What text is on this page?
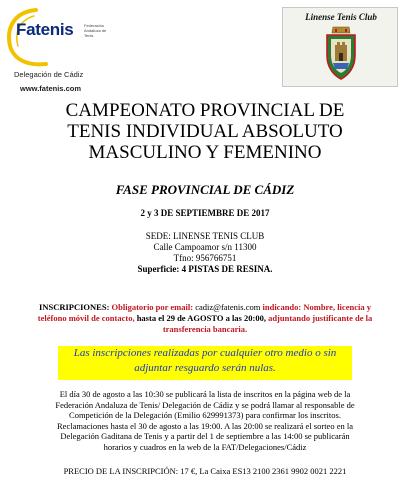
Fatenis	Federación Andaluza de Tenis
Delegación de Cádiz
www.fatenis.com
Linense Tenis Club
CAMPEONATO PROVINCIAL DE
TENIS INDIVIDUAL ABSOLUTO
MASCULINO Y FEMENINO
FASE PROVINCIAL DE CÁDIZ
2 y 3 DE SEPTIEMBRE DE 2017
SEDE: LINENSE TENIS CLUB
Calle Campoamor s/n 11300
Tfno: 956766751
Superficie: 4 PISTAS DE RESINA.
INSCRIPCIONES: Obligatorio por email: cadiz@fatenis.com indicando: Nombre, licencia y teléfono móvil de contacto, hasta el 29 de AGOSTO a las 20:00, adjuntando justificante de la transferencia bancaria.
Las inscripciones realizadas por cualquier otro medio o sin
adjuntar resguardo serán nulas.
El día 30 de agosto a las 10:30 se publicará la lista de inscritos en la página web de la
Federación Andaluza de Tenis/ Delegación de Cádiz y se podrá llamar al responsable de
Competición de la Delegación (Emilio 629991373) para confirmar los inscritos.
Reclamaciones hasta el 30 de agosto a las 19:00. A las 20:00 se realizará el sorteo en la
Delegación Gaditana de Tenis y a partir del 1 de septiembre a las 14:00 se publicarán
horarios y cuadros en la web de la FAT/Delegaciones/Cádiz
PRECIO DE LA INSCRIPCIÓN: 17 €, La Caixa ES13 2100 2361 9902 0021 2221
